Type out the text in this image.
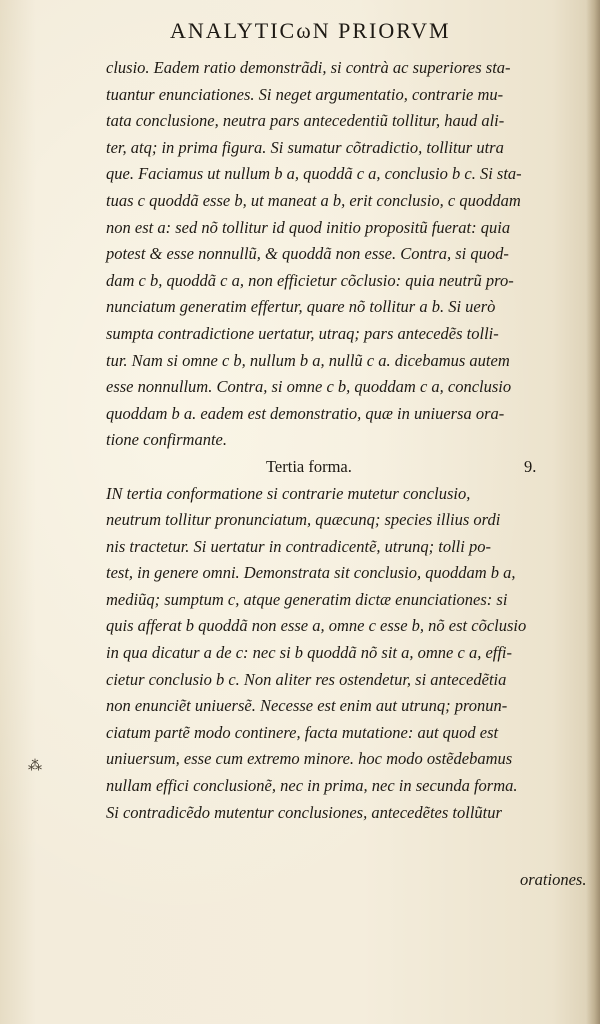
ANALYTICωN PRIORVM
clusio. Eadem ratio demonstrãdi, si contrà ac superiores sta-
tuantur enunciationes. Si neget argumentatio, contrarie mu-
tata conclusione, neutra pars antecedentiũ tollitur, haud ali-
ter, atq; in prima figura. Si sumatur cõtradictio, tollitur utra
que. Faciamus ut nullum b a, quoddã c a, conclusio b c. Si sta-
tuas c quoddã esse b, ut maneat a b, erit conclusio, c quoddam
non est a: sed nõ tollitur id quod initio propositũ fuerat: quia
potest & esse nonnullũ, & quoddã non esse. Contra, si quod-
dam c b, quoddã c a, non efficietur cõclusio: quia neutrũ pro-
nunciatum generatim effertur, quare nõ tollitur a b. Si uerò
sumpta contradictione uertatur, utraq; pars antecedẽs tolli-
tur. Nam si omne c b, nullum b a, nullũ c a. dicebamus autem
esse nonnullum. Contra, si omne c b, quoddam c a, conclusio
quoddam b a. eadem est demonstratio, quæ in uniuersa ora-
tione confirmante.
Tertia forma.	9.
IN tertia conformatione si contrarie mutetur conclusio,
neutrum tollitur pronunciatum, quæcunq; species illius ordi
nis tractetur. Si uertatur in contradicentẽ, utrunq; tolli po-
test, in genere omni. Demonstrata sit conclusio, quoddam b a,
mediũq; sumptum c, atque generatim dictæ enunciationes: si
quis afferat b quoddã non esse a, omne c esse b, nõ est cõclusio
in qua dicatur a de c: nec si b quoddã nõ sit a, omne c a, effi-
cietur conclusio b c. Non aliter res ostendetur, si antecedẽtia
non enunciẽt uniuersẽ. Necesse est enim aut utrunq; pronun-
ciatum partẽ modo continere, facta mutatione: aut quod est
uniuersum, esse cum extremo minore. hoc modo ostẽdebamus
nullam effici conclusionẽ, nec in prima, nec in secunda forma.
Si contradicẽdo mutentur conclusiones, antecedẽtes tollũtur
orationes.
⁂
